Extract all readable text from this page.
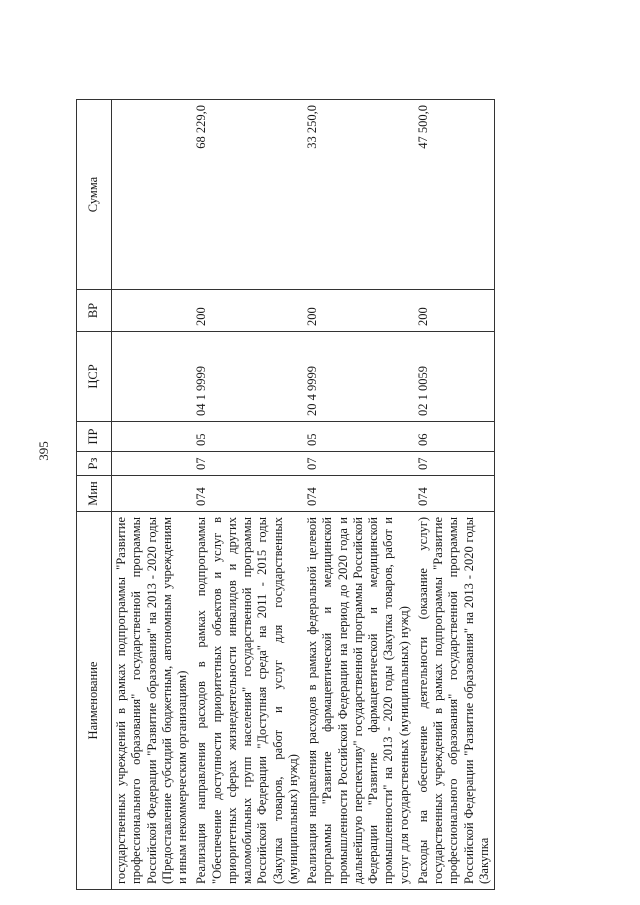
395
Наименование	Мин	Рз	ПР	ЦСР	ВР	Сумма
государственных учреждений в рамках подпрограммы "Развитие профессионального образования" государственной программы Российской Федерации "Развитие образования" на 2013 - 2020 годы (Предоставление субсидий бюджетным, автономным учреждениям и иным некоммерческим организациям)						
Реализация направления расходов в рамках подпрограммы "Обеспечение доступности приоритетных объектов и услуг в приоритетных сферах жизнедеятельности инвалидов и других маломобильных групп населения" государственной программы Российской Федерации "Доступная среда" на 2011 - 2015 годы (Закупка товаров, работ и услуг для государственных (муниципальных) нужд)	074	07	05	04 1 9999	200	68 229,0
Реализация направления расходов в рамках федеральной целевой программы "Развитие фармацевтической и медицинской промышленности Российской Федерации на период до 2020 года и дальнейшую перспективу" государственной программы Российской Федерации "Развитие фармацевтической и медицинской промышленности" на 2013 - 2020 годы (Закупка товаров, работ и услуг для государственных (муниципальных) нужд)	074	07	05	20 4 9999	200	33 250,0
Расходы на обеспечение деятельности (оказание услуг) государственных учреждений в рамках подпрограммы "Развитие профессионального образования" государственной программы Российской Федерации "Развитие образования" на 2013 - 2020 годы (Закупка	074	07	06	02 1 0059	200	47 500,0
